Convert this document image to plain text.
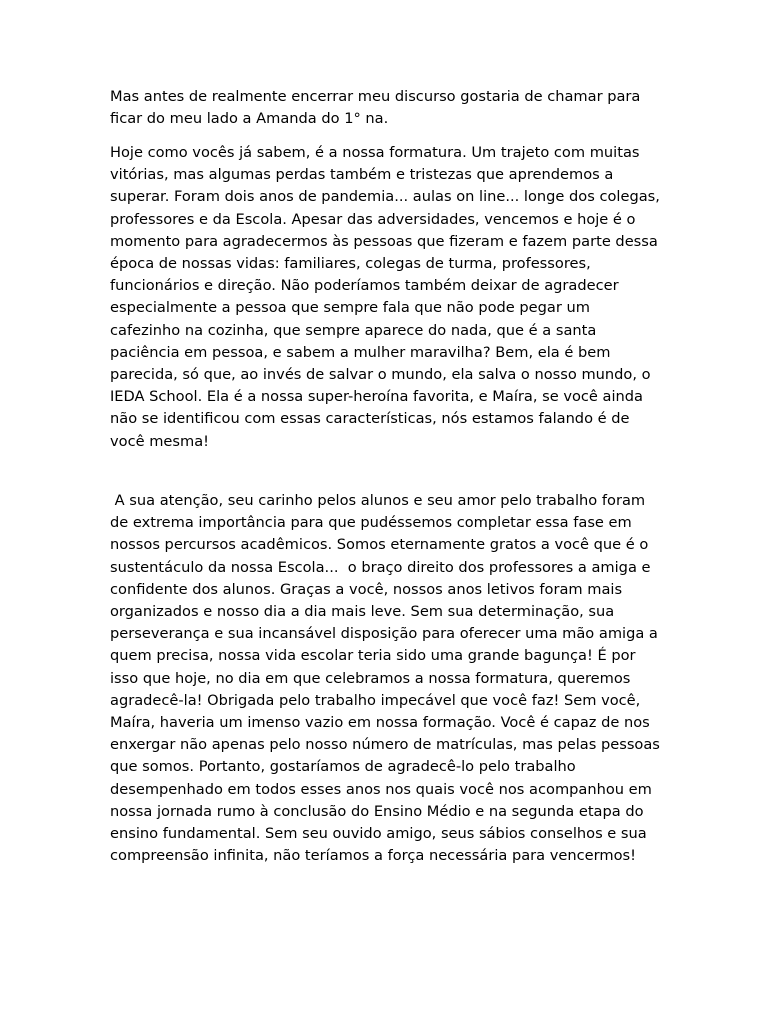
Mas antes de realmente encerrar meu discurso gostaria de chamar para
ficar do meu lado a Amanda do 1° na.
Hoje como vocês já sabem, é a nossa formatura. Um trajeto com muitas
vitórias, mas algumas perdas também e tristezas que aprendemos a
superar. Foram dois anos de pandemia... aulas on line... longe dos colegas,
professores e da Escola. Apesar das adversidades, vencemos e hoje é o
momento para agradecermos às pessoas que fizeram e fazem parte dessa
época de nossas vidas: familiares, colegas de turma, professores,
funcionários e direção. Não poderíamos também deixar de agradecer
especialmente a pessoa que sempre fala que não pode pegar um
cafezinho na cozinha, que sempre aparece do nada, que é a santa
paciência em pessoa, e sabem a mulher maravilha? Bem, ela é bem
parecida, só que, ao invés de salvar o mundo, ela salva o nosso mundo, o
IEDA School. Ela é a nossa super-heroína favorita, e Maíra, se você ainda
não se identificou com essas características, nós estamos falando é de
você mesma!
A sua atenção, seu carinho pelos alunos e seu amor pelo trabalho foram
de extrema importância para que pudéssemos completar essa fase em
nossos percursos acadêmicos. Somos eternamente gratos a você que é o
sustentáculo da nossa Escola...  o braço direito dos professores a amiga e
confidente dos alunos. Graças a você, nossos anos letivos foram mais
organizados e nosso dia a dia mais leve. Sem sua determinação, sua
perseverança e sua incansável disposição para oferecer uma mão amiga a
quem precisa, nossa vida escolar teria sido uma grande bagunça! É por
isso que hoje, no dia em que celebramos a nossa formatura, queremos
agradecê-la! Obrigada pelo trabalho impecável que você faz! Sem você,
Maíra, haveria um imenso vazio em nossa formação. Você é capaz de nos
enxergar não apenas pelo nosso número de matrículas, mas pelas pessoas
que somos. Portanto, gostaríamos de agradecê-lo pelo trabalho
desempenhado em todos esses anos nos quais você nos acompanhou em
nossa jornada rumo à conclusão do Ensino Médio e na segunda etapa do
ensino fundamental. Sem seu ouvido amigo, seus sábios conselhos e sua
compreensão infinita, não teríamos a força necessária para vencermos!
